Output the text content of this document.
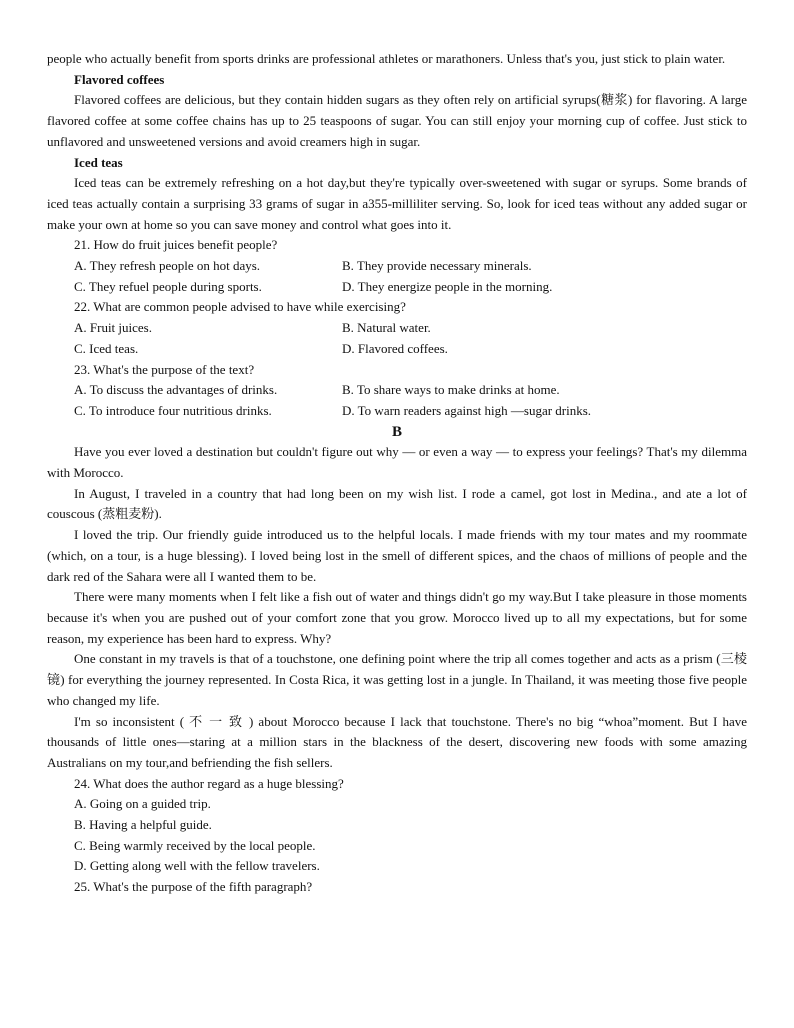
people who actually benefit from sports drinks are professional athletes or marathoners. Unless that's you, just stick to plain water.

Flavored coffees

Flavored coffees are delicious, but they contain hidden sugars as they often rely on artificial syrups(糖浆) for flavoring. A large flavored coffee at some coffee chains has up to 25 teaspoons of sugar. You can still enjoy your morning cup of coffee. Just stick to unflavored and unsweetened versions and avoid creamers high in sugar.

Iced teas

Iced teas can be extremely refreshing on a hot day,but they're typically over-sweetened with sugar or syrups. Some brands of iced teas actually contain a surprising 33 grams of sugar in a355-milliliter serving. So, look for iced teas without any added sugar or make your own at home so you can save money and control what goes into it.

21. How do fruit juices benefit people?

A. They refresh people on hot days.	B. They provide necessary minerals.
C. They refuel people during sports.	D. They energize people in the morning.

22. What are common people advised to have while exercising?

A. Fruit juices.	B. Natural water.
C. Iced teas.	D. Flavored coffees.

23. What's the purpose of the text?

A. To discuss the advantages of drinks.	B. To share ways to make drinks at home.
C. To introduce four nutritious drinks.	D. To warn readers against high —sugar drinks.

B

Have you ever loved a destination but couldn't figure out why — or even a way — to express your feelings? That's my dilemma with Morocco.

In August, I traveled in a country that had long been on my wish list. I rode a camel, got lost in Medina., and ate a lot of couscous (蒸粗麦粉).

I loved the trip. Our friendly guide introduced us to the helpful locals. I made friends with my tour mates and my roommate (which, on a tour, is a huge blessing). I loved being lost in the smell of different spices, and the chaos of millions of people and the dark red of the Sahara were all I wanted them to be.

There were many moments when I felt like a fish out of water and things didn't go my way.But I take pleasure in those moments because it's when you are pushed out of your comfort zone that you grow. Morocco lived up to all my expectations, but for some reason, my experience has been hard to express. Why?

One constant in my travels is that of a touchstone, one defining point where the trip all comes together and acts as a prism (三棱镜) for everything the journey represented. In Costa Rica, it was getting lost in a jungle. In Thailand, it was meeting those five people who changed my life.

I'm so inconsistent ( 不 一 致 ) about Morocco because I lack that touchstone. There's no big “whoa”moment. But I have thousands of little ones—staring at a million stars in the blackness of the desert, discovering new foods with some amazing Australians on my tour,and befriending the fish sellers.

24. What does the author regard as a huge blessing?

A. Going on a guided trip.

B. Having a helpful guide.

C. Being warmly received by the local people.

D. Getting along well with the fellow travelers.

25. What's the purpose of the fifth paragraph?
